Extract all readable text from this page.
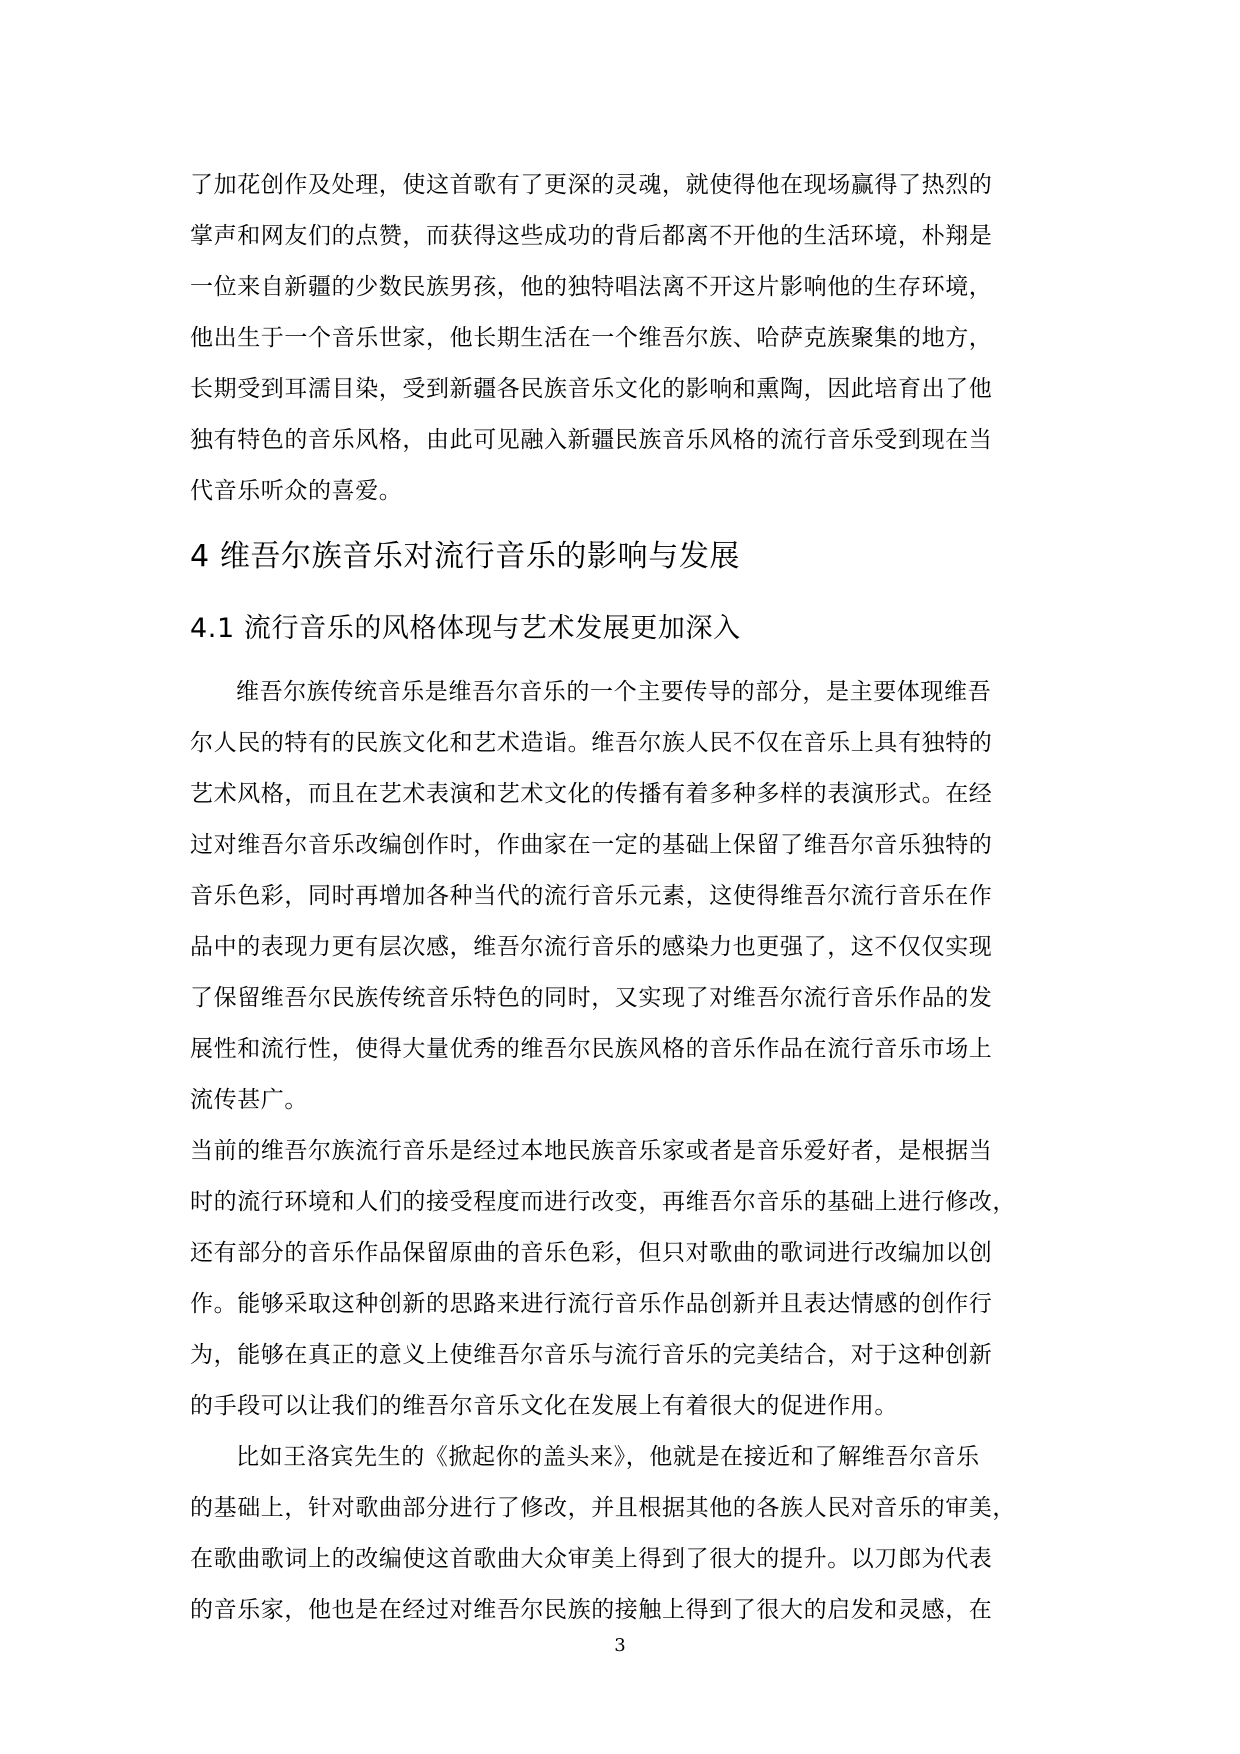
了加花创作及处理，使这首歌有了更深的灵魂，就使得他在现场赢得了热烈的
掌声和网友们的点赞，而获得这些成功的背后都离不开他的生活环境，朴翔是
一位来自新疆的少数民族男孩，他的独特唱法离不开这片影响他的生存环境，
他出生于一个音乐世家，他长期生活在一个维吾尔族、哈萨克族聚集的地方，
长期受到耳濡目染，受到新疆各民族音乐文化的影响和熏陶，因此培育出了他
独有特色的音乐风格，由此可见融入新疆民族音乐风格的流行音乐受到现在当
代音乐听众的喜爱。
4 维吾尔族音乐对流行音乐的影响与发展
4.1 流行音乐的风格体现与艺术发展更加深入
维吾尔族传统音乐是维吾尔音乐的一个主要传导的部分，是主要体现维吾
尔人民的特有的民族文化和艺术造诣。维吾尔族人民不仅在音乐上具有独特的
艺术风格，而且在艺术表演和艺术文化的传播有着多种多样的表演形式。在经
过对维吾尔音乐改编创作时，作曲家在一定的基础上保留了维吾尔音乐独特的
音乐色彩，同时再增加各种当代的流行音乐元素，这使得维吾尔流行音乐在作
品中的表现力更有层次感，维吾尔流行音乐的感染力也更强了，这不仅仅实现
了保留维吾尔民族传统音乐特色的同时，又实现了对维吾尔流行音乐作品的发
展性和流行性，使得大量优秀的维吾尔民族风格的音乐作品在流行音乐市场上
流传甚广。
当前的维吾尔族流行音乐是经过本地民族音乐家或者是音乐爱好者，是根据当
时的流行环境和人们的接受程度而进行改变，再维吾尔音乐的基础上进行修改，
还有部分的音乐作品保留原曲的音乐色彩，但只对歌曲的歌词进行改编加以创
作。能够采取这种创新的思路来进行流行音乐作品创新并且表达情感的创作行
为，能够在真正的意义上使维吾尔音乐与流行音乐的完美结合，对于这种创新
的手段可以让我们的维吾尔音乐文化在发展上有着很大的促进作用。
比如王洛宾先生的《掀起你的盖头来》，他就是在接近和了解维吾尔音乐
的基础上，针对歌曲部分进行了修改，并且根据其他的各族人民对音乐的审美，
在歌曲歌词上的改编使这首歌曲大众审美上得到了很大的提升。以刀郎为代表
的音乐家，他也是在经过对维吾尔民族的接触上得到了很大的启发和灵感，在
3
